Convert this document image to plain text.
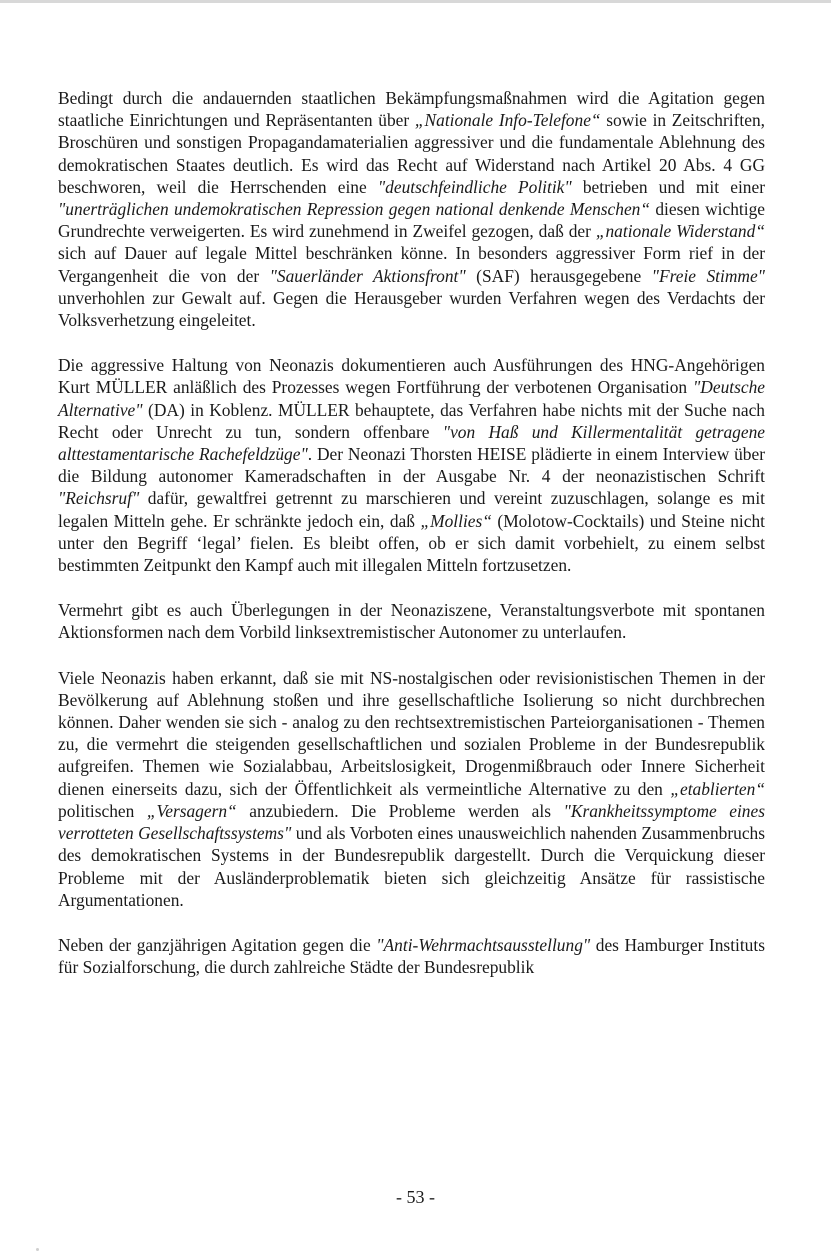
Bedingt durch die andauernden staatlichen Bekämpfungsmaßnahmen wird die Agitation gegen staatliche Einrichtungen und Repräsentanten über „Nationale Info-Telefone“ sowie in Zeitschriften, Broschüren und sonstigen Propagandamaterialien aggressiver und die fundamentale Ablehnung des demokratischen Staates deutlich. Es wird das Recht auf Widerstand nach Artikel 20 Abs. 4 GG beschworen, weil die Herrschenden eine "deutschfeindliche Politik" betrieben und mit einer "unerträglichen undemokratischen Repression gegen national denkende Menschen“ diesen wichtige Grundrechte verweigerten. Es wird zunehmend in Zweifel gezogen, daß der „nationale Widerstand“ sich auf Dauer auf legale Mittel beschränken könne. In besonders aggressiver Form rief in der Vergangenheit die von der "Sauerländer Aktionsfront" (SAF) herausgegebene "Freie Stimme" unverhohlen zur Gewalt auf. Gegen die Herausgeber wurden Verfahren wegen des Verdachts der Volksverhetzung eingeleitet.

Die aggressive Haltung von Neonazis dokumentieren auch Ausführungen des HNG-Angehörigen Kurt MÜLLER anläßlich des Prozesses wegen Fortführung der verbotenen Organisation "Deutsche Alternative" (DA) in Koblenz. MÜLLER behauptete, das Verfahren habe nichts mit der Suche nach Recht oder Unrecht zu tun, sondern offenbare "von Haß und Killermentalität getragene alttestamentarische Rachefeldzüge". Der Neonazi Thorsten HEISE plädierte in einem Interview über die Bildung autonomer Kameradschaften in der Ausgabe Nr. 4 der neonazistischen Schrift "Reichsruf" dafür, gewaltfrei getrennt zu marschieren und vereint zuzuschlagen, solange es mit legalen Mitteln gehe. Er schränkte jedoch ein, daß „Mollies“ (Molotow-Cocktails) und Steine nicht unter den Begriff ‘legal’ fielen. Es bleibt offen, ob er sich damit vorbehielt, zu einem selbst bestimmten Zeitpunkt den Kampf auch mit illegalen Mitteln fortzusetzen.

Vermehrt gibt es auch Überlegungen in der Neonaziszene, Veranstaltungsverbote mit spontanen Aktionsformen nach dem Vorbild linksextremistischer Autonomer zu unterlaufen.

Viele Neonazis haben erkannt, daß sie mit NS-nostalgischen oder revisionistischen Themen in der Bevölkerung auf Ablehnung stoßen und ihre gesellschaftliche Isolierung so nicht durchbrechen können. Daher wenden sie sich - analog zu den rechtsextremistischen Parteiorganisationen - Themen zu, die vermehrt die steigenden gesellschaftlichen und sozialen Probleme in der Bundesrepublik aufgreifen. Themen wie Sozialabbau, Arbeitslosigkeit, Drogenmißbrauch oder Innere Sicherheit dienen einerseits dazu, sich der Öffentlichkeit als vermeintliche Alternative zu den „etablierten“ politischen „Versagern“ anzubiedern. Die Probleme werden als "Krankheitssymptome eines verrotteten Gesellschaftssystems" und als Vorboten eines unausweichlich nahenden Zusammenbruchs des demokratischen Systems in der Bundesrepublik dargestellt. Durch die Verquickung dieser Probleme mit der Ausländerproblematik bieten sich gleichzeitig Ansätze für rassistische Argumentationen.

Neben der ganzjährigen Agitation gegen die "Anti-Wehrmachtsausstellung" des Hamburger Instituts für Sozialforschung, die durch zahlreiche Städte der Bundesrepublik

- 53 -
